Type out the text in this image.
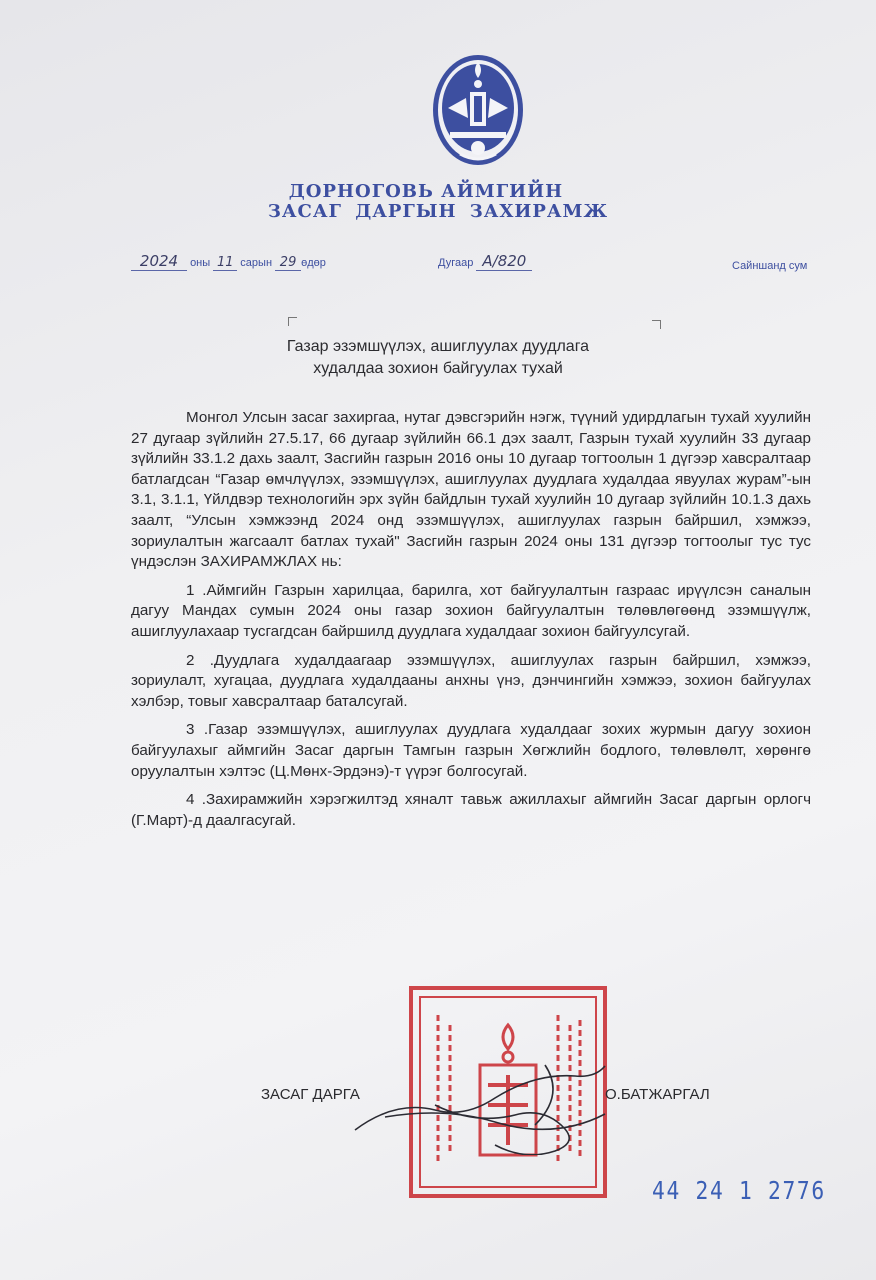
ДОРНОГОВЬ АЙМГИЙН
ЗАСАГ ДАРГЫН ЗАХИРАМЖ
2024 оны 11 сарын 29 өдөр	Дугаар А/820	Сайншанд сум
Газар эзэмшүүлэх, ашиглуулах дуудлага
худалдаа зохион байгуулах тухай

Монгол Улсын засаг захиргаа, нутаг дэвсгэрийн нэгж, түүний удирдлагын тухай хуулийн 27 дугаар зүйлийн 27.5.17, 66 дугаар зүйлийн 66.1 дэх заалт, Газрын тухай хуулийн 33 дугаар зүйлийн 33.1.2 дахь заалт, Засгийн газрын 2016 оны 10 дугаар тогтоолын 1 дүгээр хавсралтаар батлагдсан “Газар өмчлүүлэх, эзэмшүүлэх, ашиглуулах дуудлага худалдаа явуулах журам”-ын 3.1, 3.1.1, Үйлдвэр технологийн эрх зүйн байдлын тухай хуулийн 10 дугаар зүйлийн 10.1.3 дахь заалт, “Улсын хэмжээнд 2024 онд эзэмшүүлэх, ашиглуулах газрын байршил, хэмжээ, зориулалтын жагсаалт батлах тухай" Засгийн газрын 2024 оны 131 дүгээр тогтоолыг тус тус үндэслэн ЗАХИРАМЖЛАХ нь:

1 .Аймгийн Газрын харилцаа, барилга, хот байгуулалтын газраас ирүүлсэн саналын дагуу Мандах сумын 2024 оны газар зохион байгуулалтын төлөвлөгөөнд эзэмшүүлж, ашиглуулахаар тусгагдсан байршилд дуудлага худалдааг зохион байгуулсугай.

2 .Дуудлага худалдаагаар эзэмшүүлэх, ашиглуулах газрын байршил, хэмжээ, зориулалт, хугацаа, дуудлага худалдааны анхны үнэ, дэнчингийн хэмжээ, зохион байгуулах хэлбэр, товыг хавсралтаар баталсугай.

3 .Газар эзэмшүүлэх, ашиглуулах дуудлага худалдааг зохих журмын дагуу зохион байгуулахыг аймгийн Засаг даргын Тамгын газрын Хөгжлийн бодлого, төлөвлөлт, хөрөнгө оруулалтын хэлтэс (Ц.Мөнх-Эрдэнэ)-т үүрэг болгосугай.

4 .Захирамжийн хэрэгжилтэд хяналт тавьж ажиллахыг аймгийн Засаг даргын орлогч (Г.Март)-д даалгасугай.

ЗАСАГ ДАРГА	О.БАТЖАРГАЛ
44 24 1 2776
